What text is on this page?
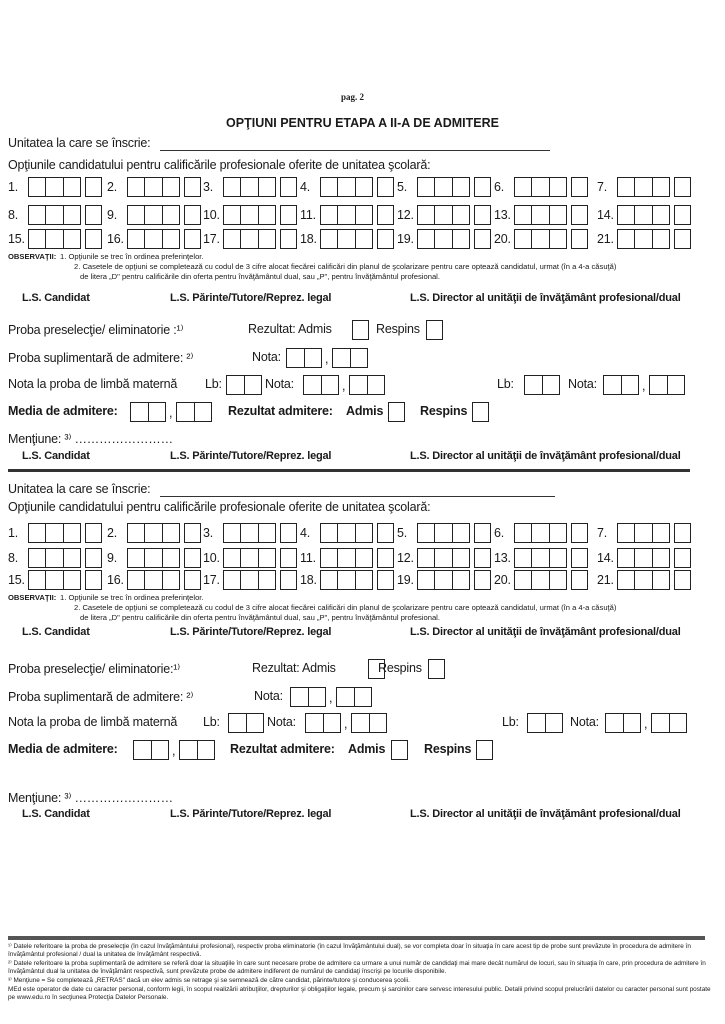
pag. 2
OPŢIUNI PENTRU ETAPA A II-A DE ADMITERE
Unitatea la care se înscrie:
Opţiunile candidatului pentru calificările profesionale oferite de unitatea şcolară:
1.	2.	3.	4.	5.	6.	7.
8.	9.	10.	11.	12.	13.	14.
15.	16.	17.	18.	19.	20.	21.
OBSERVAŢII: 1. Opţiunile se trec în ordinea preferinţelor.
2. Casetele de opţiuni se completează cu codul de 3 cifre alocat fiecărei calificări din planul de şcolarizare pentru care optează candidatul, urmat (în a 4-a căsuţă)
de litera „D" pentru calificările din oferta pentru învăţământul dual, sau „P", pentru învăţământul profesional.
L.S. Candidat	L.S. Părinte/Tutore/Reprez. legal	L.S. Director al unităţii de învăţământ profesional/dual
Proba preselecţie/ eliminatorie :¹⁾	Rezultat: Admis	Respins
Proba suplimentară de admitere: ²⁾	Nota:	,
Nota la proba de limbă maternă Lb:	Nota:	,	Lb:	Nota:	,
Media de admitere:	,	Rezultat admitere: Admis	Respins
Menţiune: ³⁾ ……………………
L.S. Candidat	L.S. Părinte/Tutore/Reprez. legal	L.S. Director al unităţii de învăţământ profesional/dual
Unitatea la care se înscrie:
Opţiunile candidatului pentru calificările profesionale oferite de unitatea şcolară:
1.	2.	3.	4.	5.	6.	7.
8.	9.	10.	11.	12.	13.	14.
15.	16.	17.	18.	19.	20.	21.
OBSERVAŢII: 1. Opţiunile se trec în ordinea preferinţelor.
2. Casetele de opţiuni se completează cu codul de 3 cifre alocat fiecărei calificări din planul de şcolarizare pentru care optează candidatul, urmat (în a 4-a căsuţă)
de litera „D" pentru calificările din oferta pentru învăţământul dual, sau „P", pentru învăţământul profesional.
L.S. Candidat	L.S. Părinte/Tutore/Reprez. legal	L.S. Director al unităţii de învăţământ profesional/dual
Proba preselecţie/ eliminatorie:¹⁾	Rezultat: Admis	Respins
Proba suplimentară de admitere: ²⁾	Nota:	,
Nota la proba de limbă maternă Lb:	Nota:	,	Lb:	Nota:	,
Media de admitere:	,	Rezultat admitere: Admis	Respins
Menţiune: ³⁾ ……………………
L.S. Candidat	L.S. Părinte/Tutore/Reprez. legal	L.S. Director al unităţii de învăţământ profesional/dual
¹⁾ Datele referitoare la proba de preselecţie (în cazul învăţământului profesional), respectiv proba eliminatorie (în cazul învăţământului dual), se vor completa doar în situaţia în care acest tip de probe sunt prevăzute în procedura de admitere în învăţământul profesional / dual la unitatea de învăţământ respectivă.
²⁾ Datele referitoare la proba suplimentară de admitere se referă doar la situaţiile în care sunt necesare probe de admitere ca urmare a unui număr de candidaţi mai mare decât numărul de locuri, sau în situaţia în care, prin procedura de admitere în învăţământul dual la unitatea de învăţământ respectivă, sunt prevăzute probe de admitere indiferent de numărul de candidaţi înscrişi pe locurile disponibile.
³⁾ Menţiune = Se completează „RETRAS" dacă un elev admis se retrage şi se semnează de către candidat, părinte/tutore şi conducerea şcolii.
MEd este operator de date cu caracter personal, conform legii, în scopul realizării atribuţiilor, drepturilor şi obligaţiilor legale, precum şi sarcinilor care servesc interesului public. Detalii privind scopul prelucrării datelor cu caracter personal sunt postate pe www.edu.ro în secţiunea Protecţia Datelor Personale.
